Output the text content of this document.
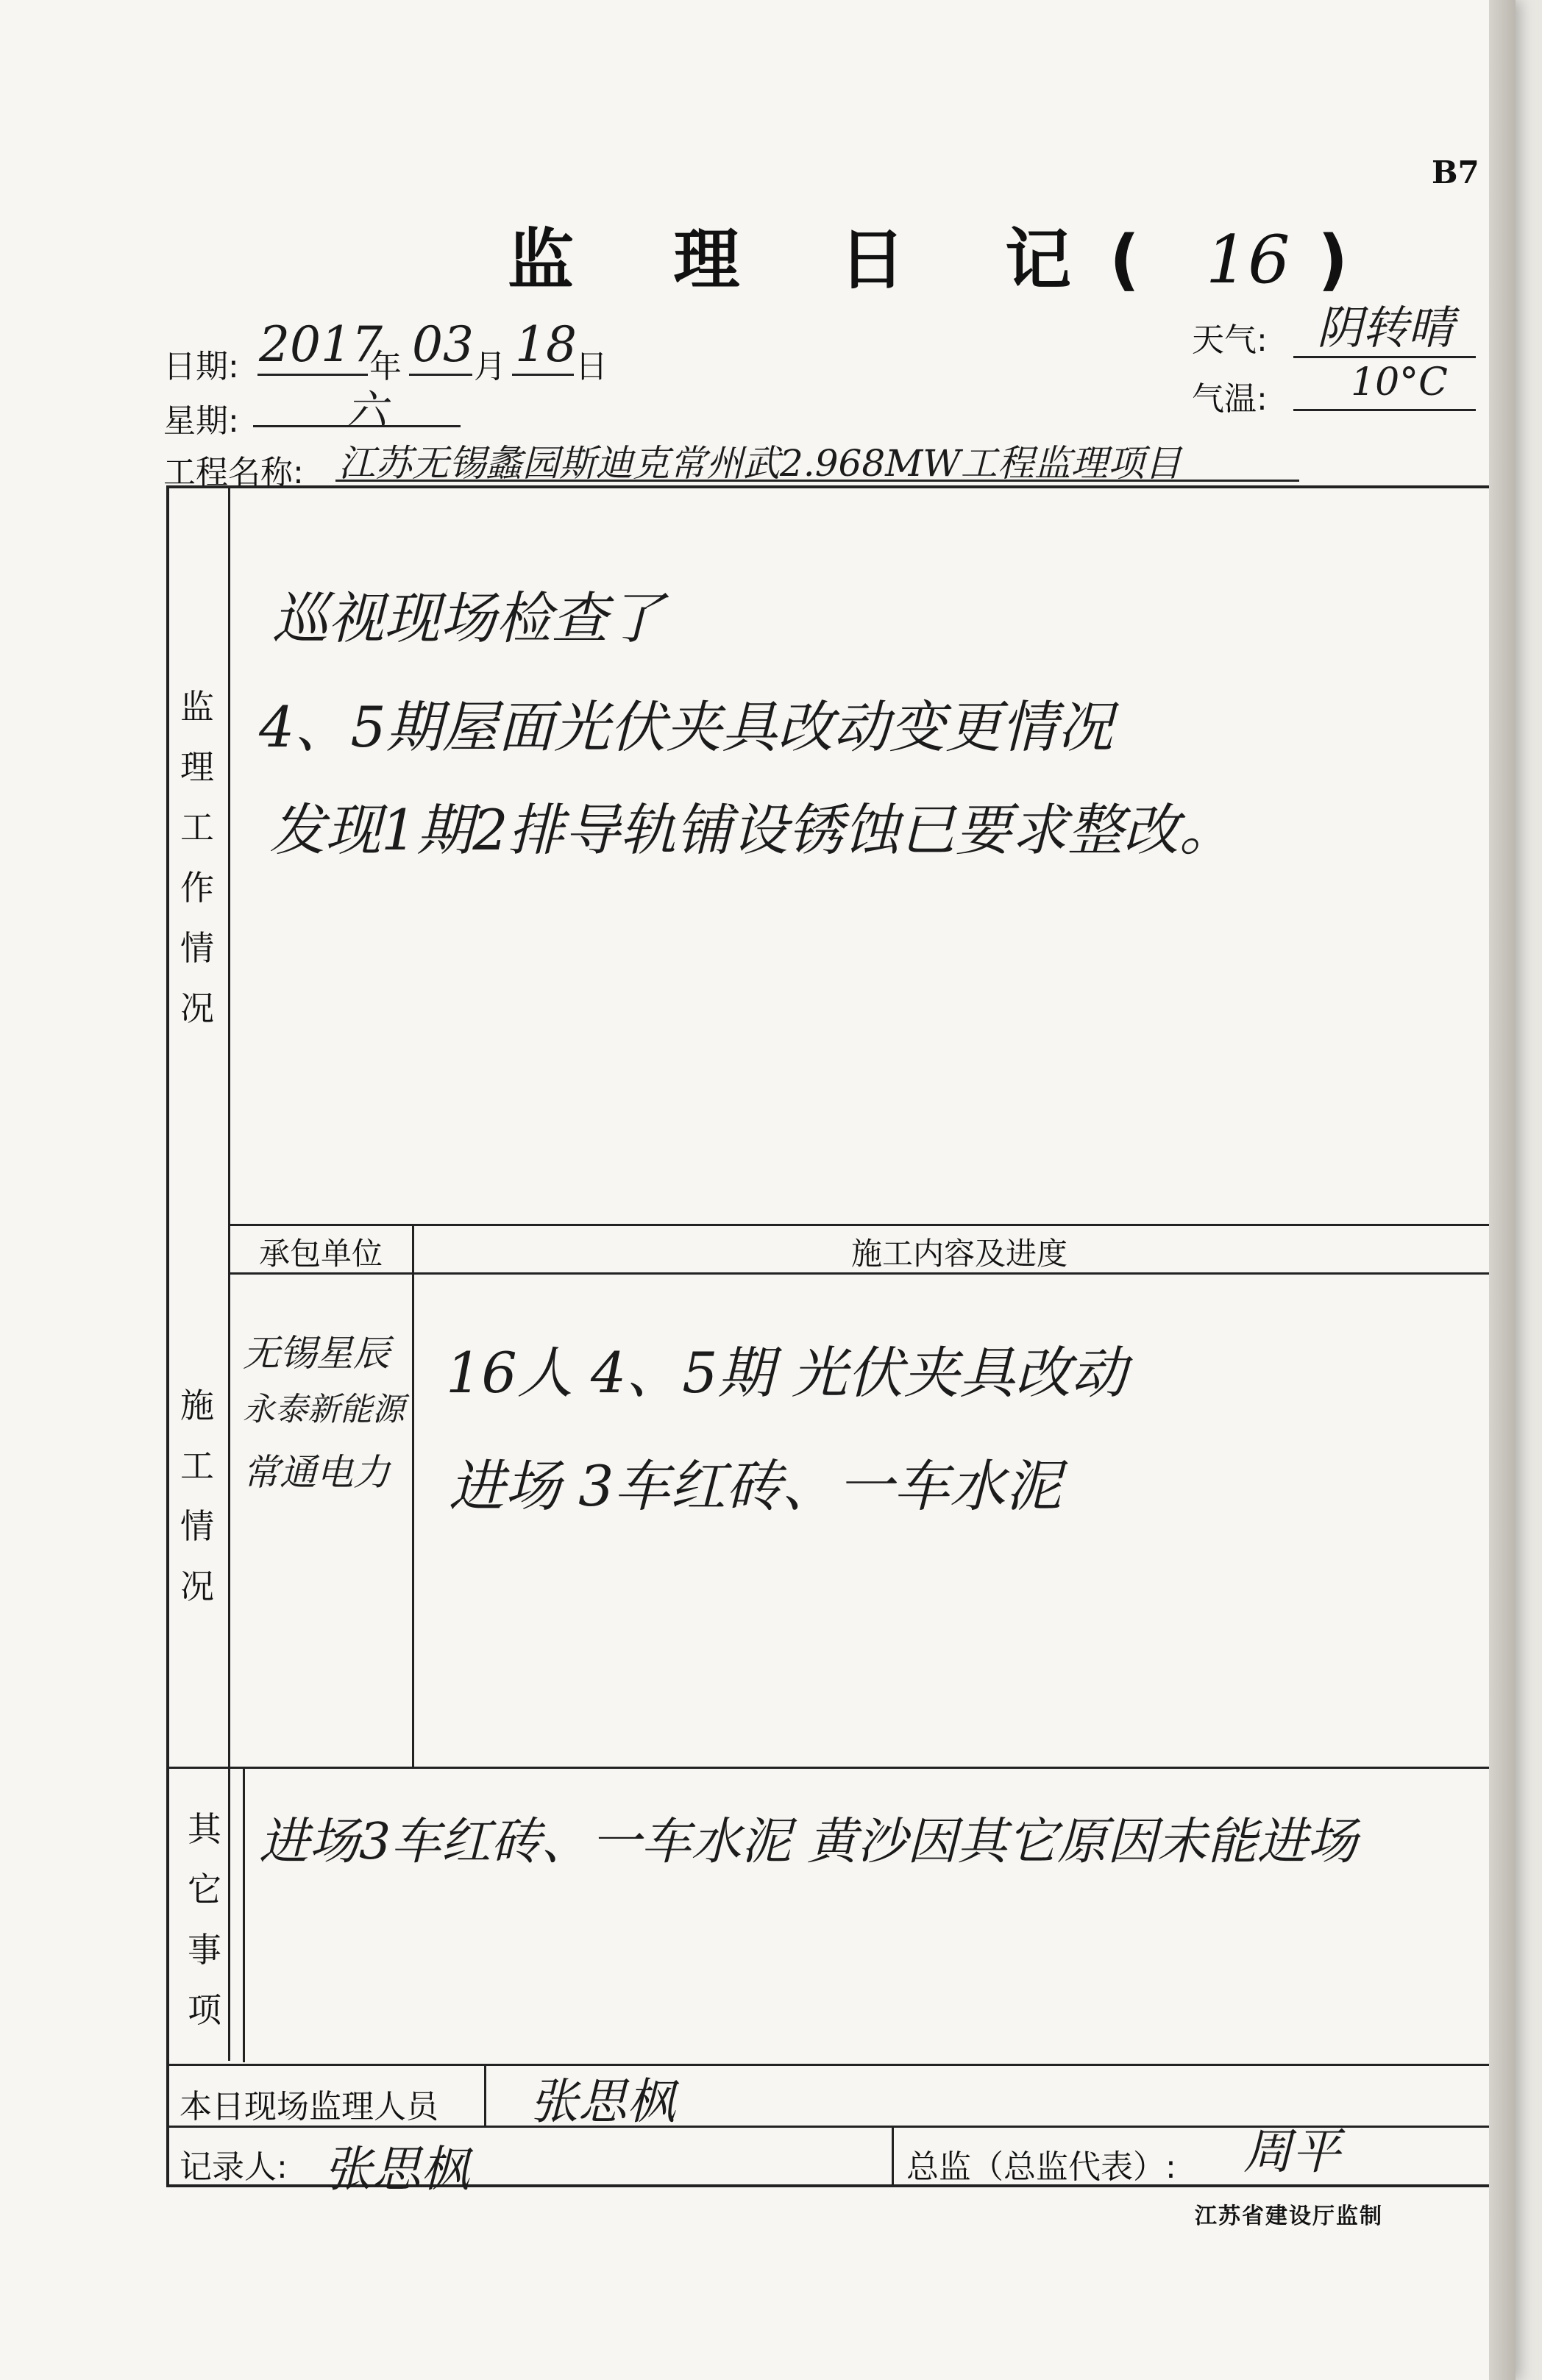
B7
监 理 日 记( 16 )
日期: 2017
年 03 月 18
日
星期:	六
天气: 阴转晴
气温: 10°C
工程名称: 江苏无锡蠡园斯迪克常州武2.968MW工程监理项目
监
理
工
作
情
况
巡视现场检查了
4、5期屋面光伏夹具改动变更情况
发现1期2排导轨铺设锈蚀已要求整改。
承包单位	施工内容及进度
施
工
情
况
无锡星辰
永泰新能源
常通电力
16人 4、5期 光伏夹具改动
进场 3车红砖、一车水泥
其
它
事
项
进场3车红砖、一车水泥 黄沙因其它原因未能进场
本日现场监理人员 张思枫
记录人: 张思枫	总监（总监代表）: 周平
江苏省建设厅监制
